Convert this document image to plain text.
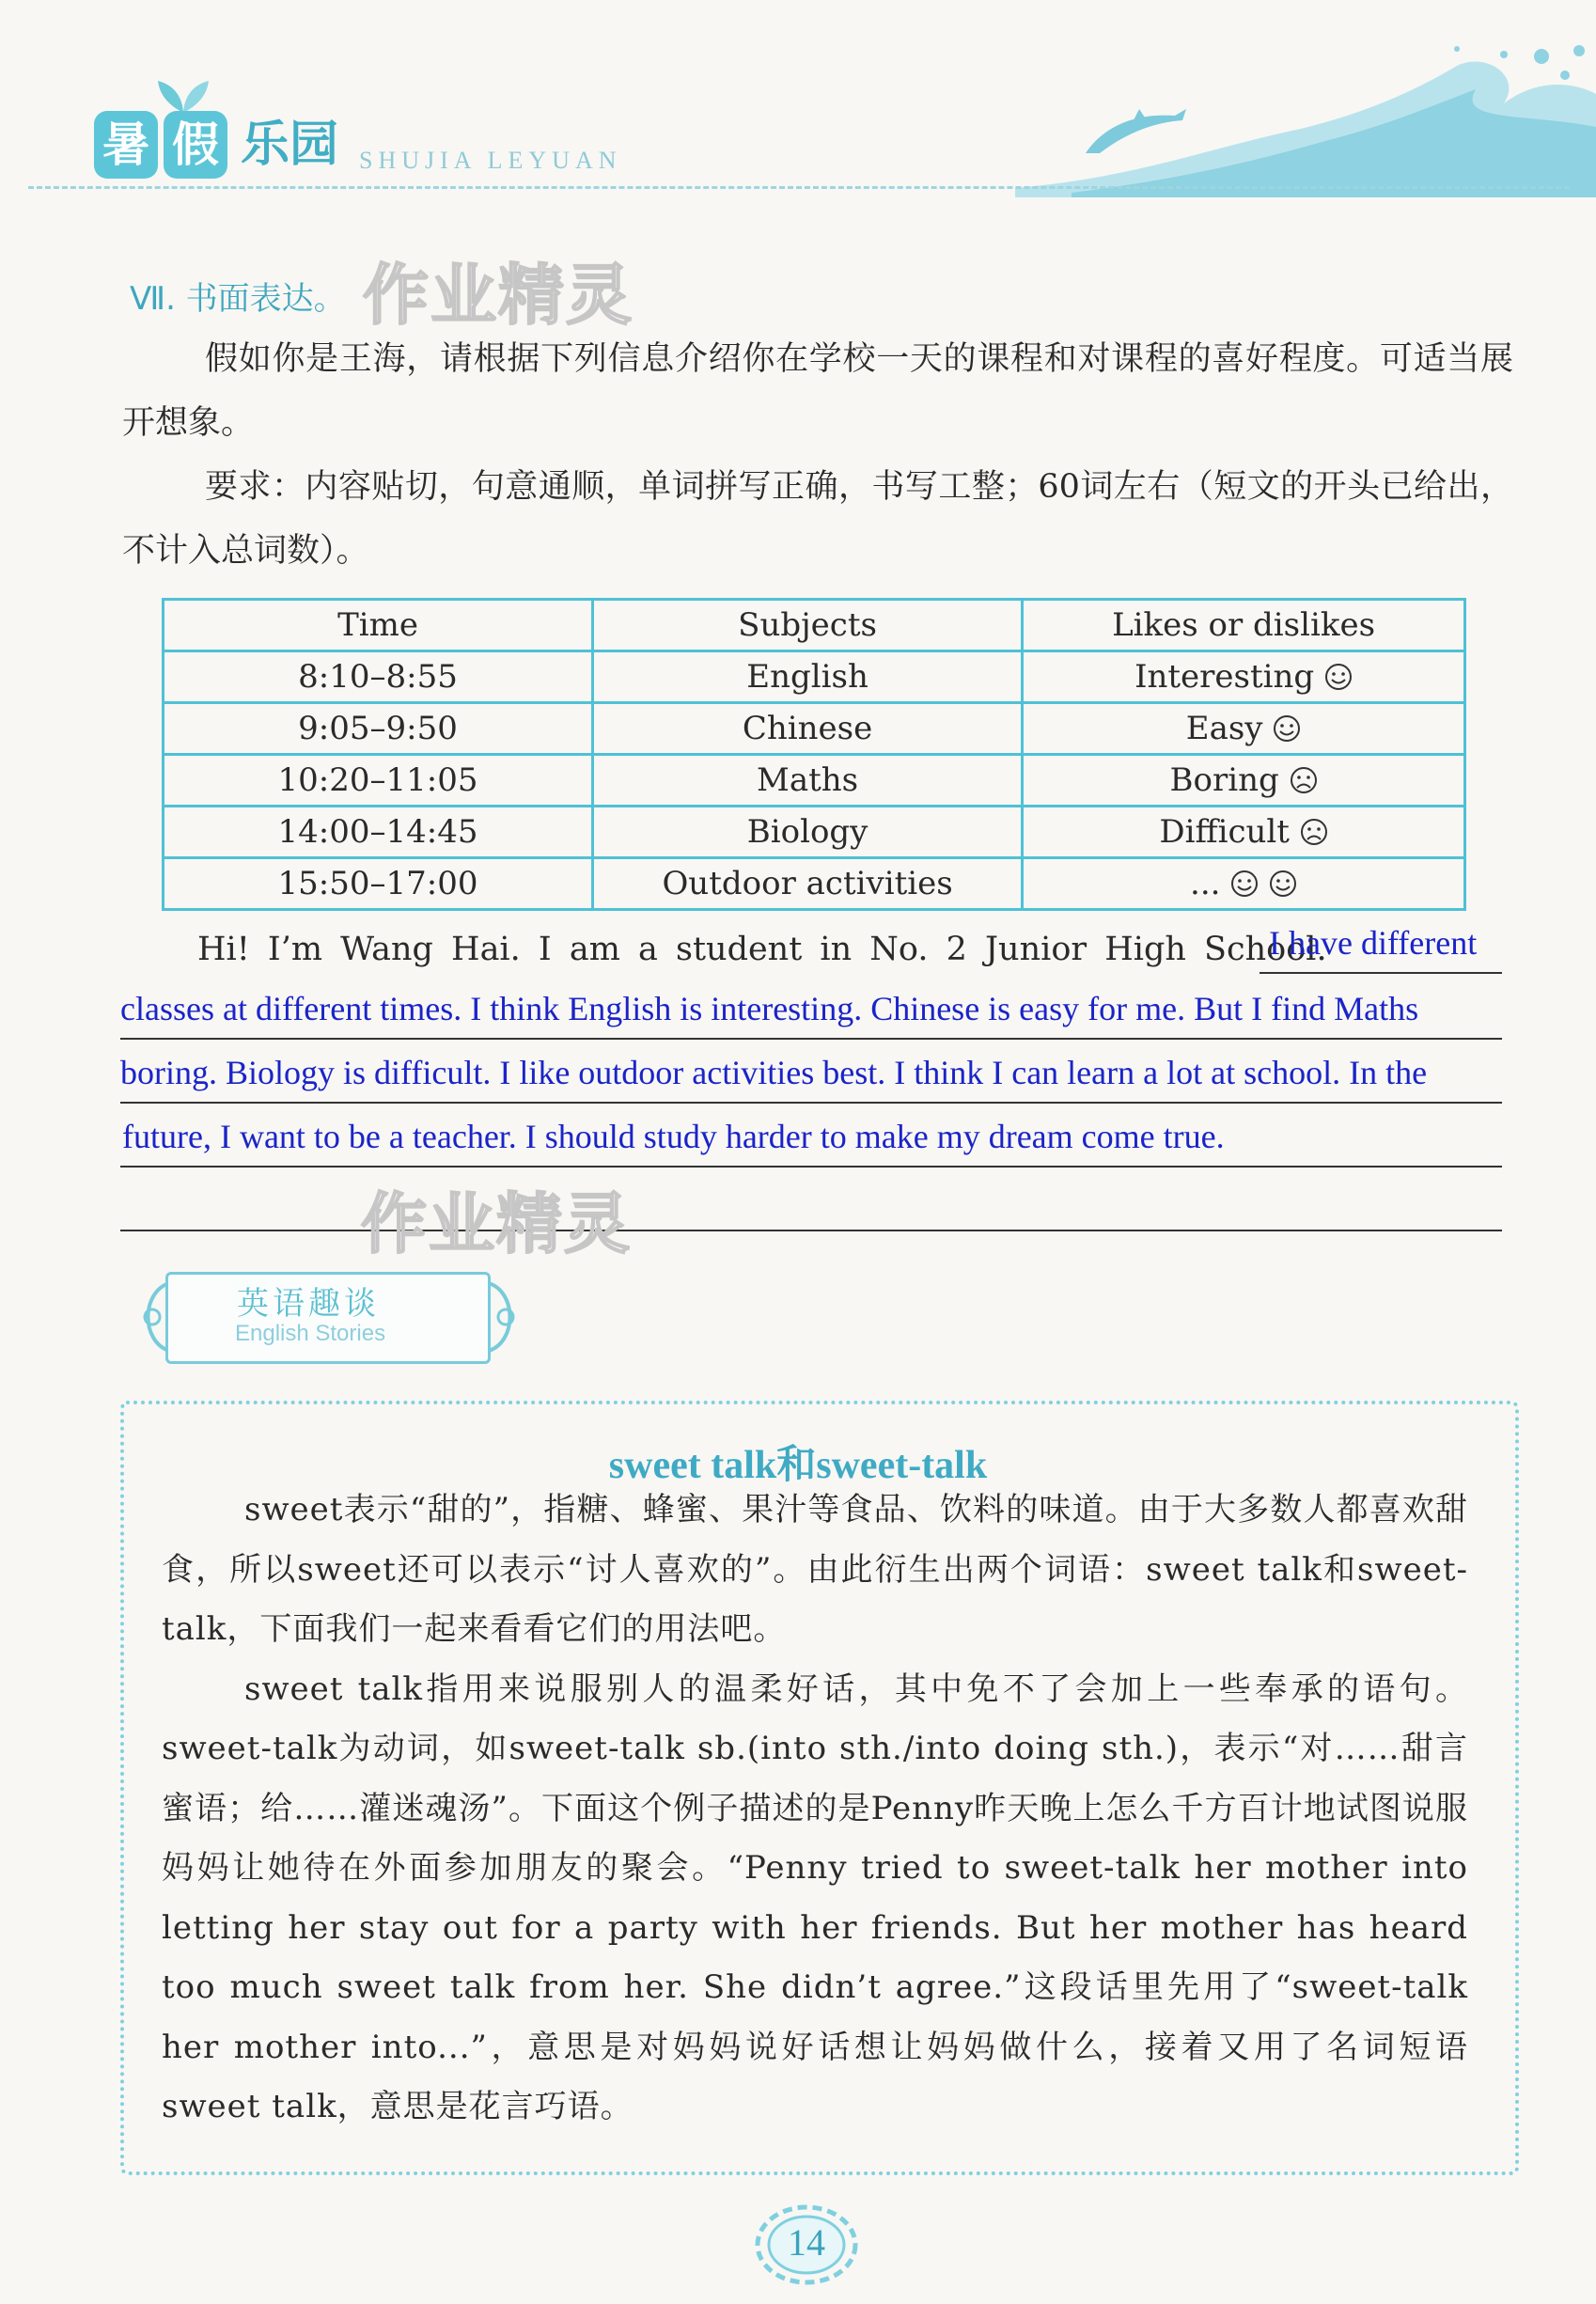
暑 假 乐园 SHUJIA LEYUAN
Ⅶ. 书面表达。 作业精灵
假如你是王海，请根据下列信息介绍你在学校一天的课程和对课程的喜好程度。可适当展开想象。
要求：内容贴切，句意通顺，单词拼写正确，书写工整；60词左右（短文的开头已给出，不计入总词数）。
Time	Subjects	Likes or dislikes
8:10–8:55	English	Interesting
9:05–9:50	Chinese	Easy
10:20–11:05	Maths	Boring
14:00–14:45	Biology	Difficult
15:50–17:00	Outdoor activities	...
Hi! I’m Wang Hai. I am a student in No. 2 Junior High School.
I have different
classes at different times. I think English is interesting. Chinese is easy for me. But I find Maths
boring. Biology is difficult. I like outdoor activities best. I think I can learn a lot at school. In the
future, I want to be a teacher. I should study harder to make my dream come true.
作业精灵
英语趣谈
English Stories
sweet talk和sweet-talk
sweet表示“甜的”，指糖、蜂蜜、果汁等食品、饮料的味道。由于大多数人都喜欢甜食，所以sweet还可以表示“讨人喜欢的”。由此衍生出两个词语：sweet talk和sweet-talk，下面我们一起来看看它们的用法吧。
sweet talk指用来说服别人的温柔好话，其中免不了会加上一些奉承的语句。sweet-talk为动词，如sweet-talk sb.(into sth./into doing sth.)，表示“对……甜言蜜语；给……灌迷魂汤”。下面这个例子描述的是Penny昨天晚上怎么千方百计地试图说服妈妈让她待在外面参加朋友的聚会。“Penny tried to sweet-talk her mother into letting her stay out for a party with her friends. But her mother has heard too much sweet talk from her. She didn’t agree.”这段话里先用了“sweet-talk her mother into...”，意思是对妈妈说好话想让妈妈做什么，接着又用了名词短语sweet talk，意思是花言巧语。
14
